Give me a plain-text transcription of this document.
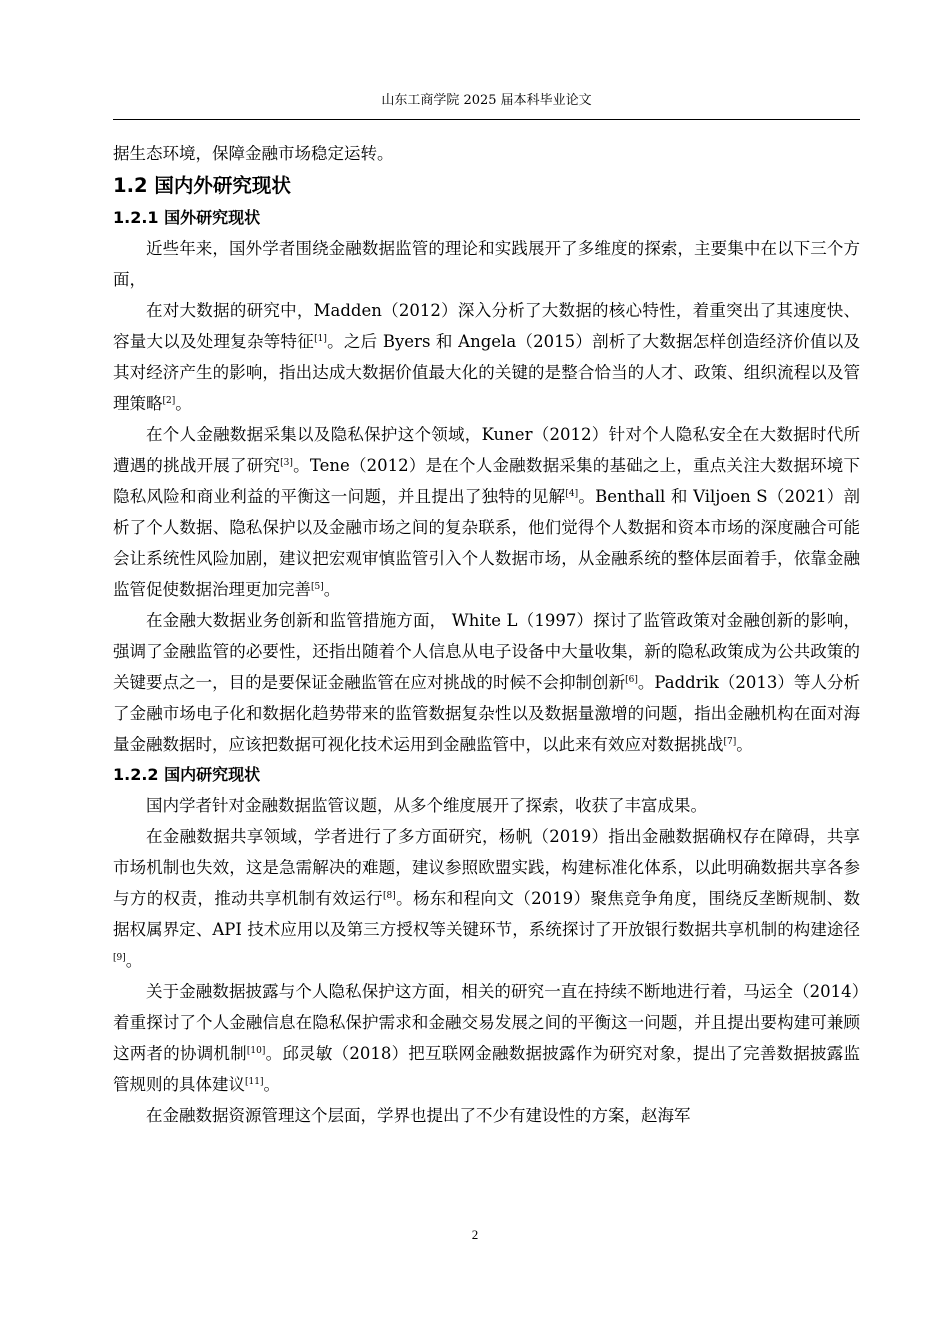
山东工商学院 2025 届本科毕业论文

据生态环境，保障金融市场稳定运转。

1.2 国内外研究现状
1.2.1 国外研究现状

近些年来，国外学者围绕金融数据监管的理论和实践展开了多维度的探索，主要集中在以下三个方面，

在对大数据的研究中，Madden（2012）深入分析了大数据的核心特性，着重突出了其速度快、容量大以及处理复杂等特征[1]。之后 Byers 和 Angela（2015）剖析了大数据怎样创造经济价值以及其对经济产生的影响，指出达成大数据价值最大化的关键的是整合恰当的人才、政策、组织流程以及管理策略[2]。

在个人金融数据采集以及隐私保护这个领域，Kuner（2012）针对个人隐私安全在大数据时代所遭遇的挑战开展了研究[3]。Tene（2012）是在个人金融数据采集的基础之上，重点关注大数据环境下隐私风险和商业利益的平衡这一问题，并且提出了独特的见解[4]。Benthall 和 Viljoen S（2021）剖析了个人数据、隐私保护以及金融市场之间的复杂联系，他们觉得个人数据和资本市场的深度融合可能会让系统性风险加剧，建议把宏观审慎监管引入个人数据市场，从金融系统的整体层面着手，依靠金融监管促使数据治理更加完善[5]。

在金融大数据业务创新和监管措施方面， White L（1997）探讨了监管政策对金融创新的影响，强调了金融监管的必要性，还指出随着个人信息从电子设备中大量收集，新的隐私政策成为公共政策的关键要点之一，目的是要保证金融监管在应对挑战的时候不会抑制创新[6]。Paddrik（2013）等人分析了金融市场电子化和数据化趋势带来的监管数据复杂性以及数据量激增的问题，指出金融机构在面对海量金融数据时，应该把数据可视化技术运用到金融监管中，以此来有效应对数据挑战[7]。

1.2.2 国内研究现状

国内学者针对金融数据监管议题，从多个维度展开了探索，收获了丰富成果。

在金融数据共享领域，学者进行了多方面研究，杨帆（2019）指出金融数据确权存在障碍，共享市场机制也失效，这是急需解决的难题，建议参照欧盟实践，构建标准化体系，以此明确数据共享各参与方的权责，推动共享机制有效运行[8]。杨东和程向文（2019）聚焦竞争角度，围绕反垄断规制、数据权属界定、API 技术应用以及第三方授权等关键环节，系统探讨了开放银行数据共享机制的构建途径[9]。

关于金融数据披露与个人隐私保护这方面，相关的研究一直在持续不断地进行着，马运全（2014）着重探讨了个人金融信息在隐私保护需求和金融交易发展之间的平衡这一问题，并且提出要构建可兼顾这两者的协调机制[10]。邱灵敏（2018）把互联网金融数据披露作为研究对象，提出了完善数据披露监管规则的具体建议[11]。

在金融数据资源管理这个层面，学界也提出了不少有建设性的方案，赵海军

2
